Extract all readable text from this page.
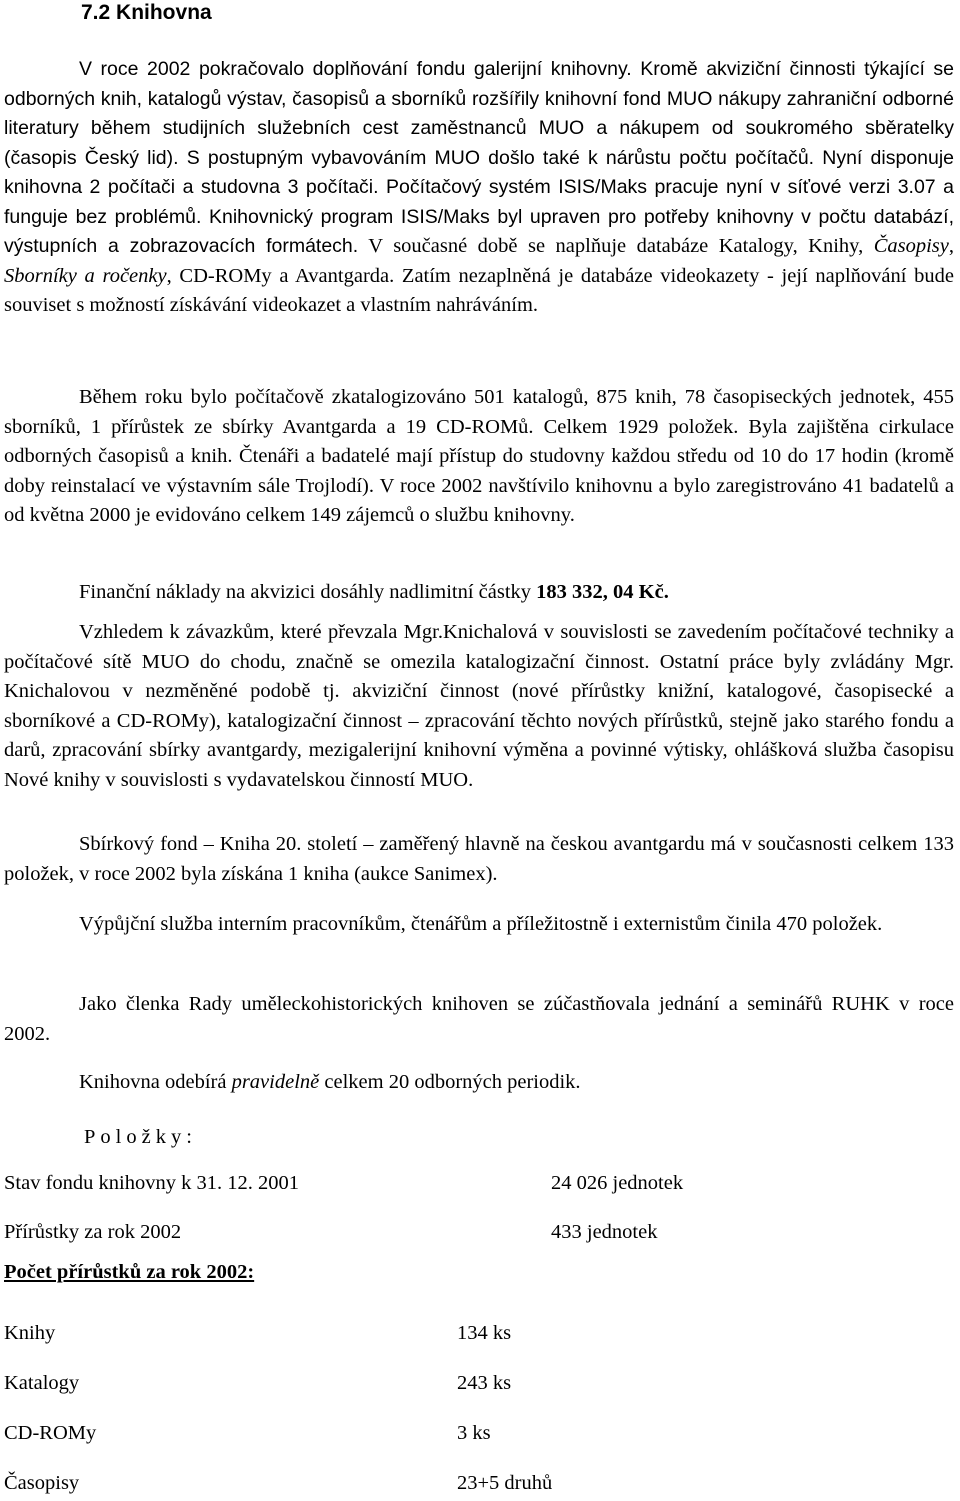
7.2 Knihovna

V roce 2002 pokračovalo doplňování fondu galerijní knihovny. Kromě akviziční činnosti týkající se odborných knih, katalogů výstav, časopisů a sborníků rozšířily knihovní fond MUO nákupy zahraniční odborné literatury během studijních služebních cest zaměstnanců MUO a nákupem od soukromého sběratelky (časopis Český lid). S postupným vybavováním MUO došlo také k nárůstu počtu počítačů. Nyní disponuje knihovna 2 počítači a studovna 3 počítači. Počítačový systém ISIS/Maks pracuje nyní v síťové verzi 3.07 a funguje bez problémů. Knihovnický program ISIS/Maks byl upraven pro potřeby knihovny v počtu databází, výstupních a zobrazovacích formátech. V současné době se naplňuje databáze Katalogy, Knihy, Časopisy, Sborníky a ročenky, CD-ROMy a Avantgarda. Zatím nezaplněná je databáze videokazety - její naplňování bude souviset s možností získávání videokazet a vlastním nahráváním.

Během roku bylo počítačově zkatalogizováno 501 katalogů, 875 knih, 78 časopiseckých jednotek, 455 sborníků, 1 přírůstek ze sbírky Avantgarda a 19 CD-ROMů. Celkem 1929 položek. Byla zajištěna cirkulace odborných časopisů a knih. Čtenáři a badatelé mají přístup do studovny každou středu od 10 do 17 hodin (kromě doby reinstalací ve výstavním sále Trojlodí). V roce 2002 navštívilo knihovnu a bylo zaregistrováno 41 badatelů a od května 2000 je evidováno celkem 149 zájemců o službu knihovny.

Finanční náklady na akvizici dosáhly nadlimitní částky 183 332, 04 Kč.

Vzhledem k závazkům, které převzala Mgr.Knichalová v souvislosti se zavedením počítačové techniky a počítačové sítě MUO do chodu, značně se omezila katalogizační činnost. Ostatní práce byly zvládány Mgr. Knichalovou v nezměněné podobě tj. akviziční činnost (nové přírůstky knižní, katalogové, časopisecké a sborníkové a CD-ROMy), katalogizační činnost – zpracování těchto nových přírůstků, stejně jako starého fondu a darů, zpracování sbírky avantgardy, mezigalerijní knihovní výměna a povinné výtisky, ohlášková služba časopisu Nové knihy v souvislosti s vydavatelskou činností MUO.

Sbírkový fond – Kniha 20. století – zaměřený hlavně na českou avantgardu má v současnosti celkem 133 položek, v roce 2002 byla získána 1 kniha (aukce Sanimex).

Výpůjční služba interním pracovníkům, čtenářům a příležitostně i externistům činila 470 položek.

Jako členka Rady uměleckohistorických knihoven se zúčastňovala jednání a seminářů RUHK v roce 2002.

Knihovna odebírá pravidelně celkem 20 odborných periodik.

Položky:
Stav fondu knihovny k 31. 12. 2001	24 026 jednotek
Přírůstky za rok 2002	433 jednotek
Počet přírůstků za rok 2002:
Knihy	134 ks
Katalogy	243 ks
CD-ROMy	3 ks
Časopisy	23+5 druhů
